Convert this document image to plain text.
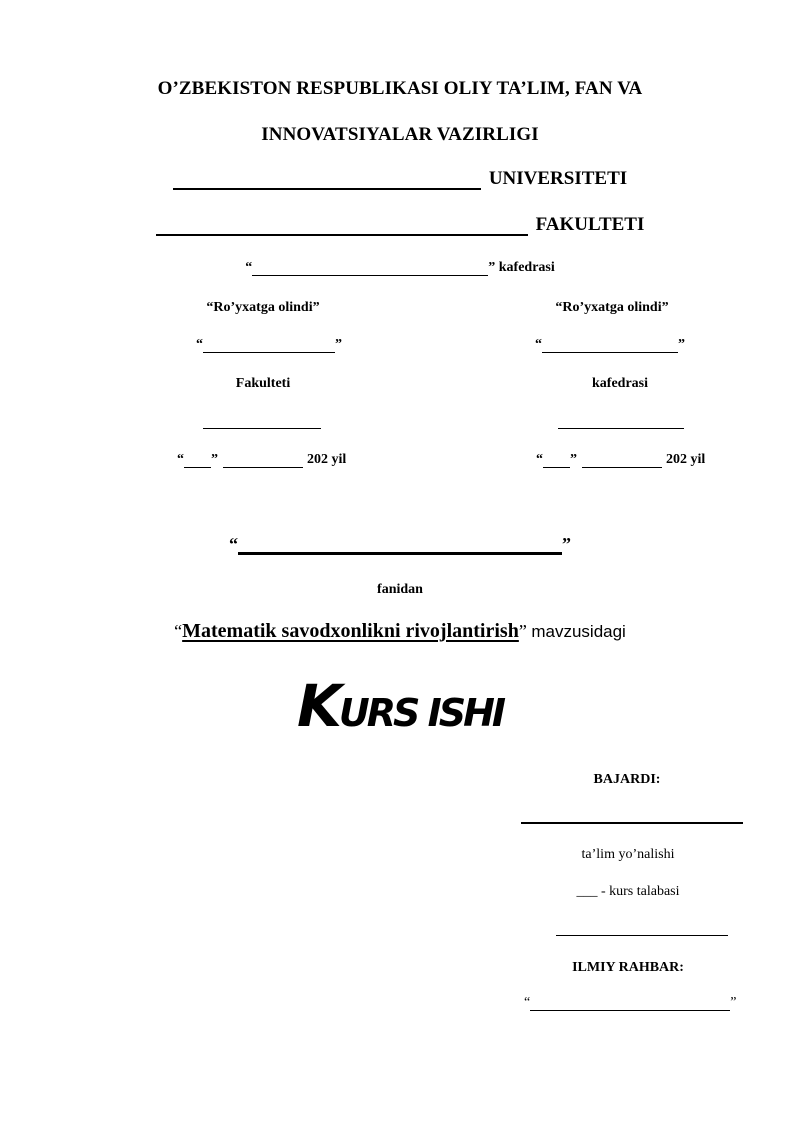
O’ZBEKISTON RESPUBLIKASI OLIY TA’LIM, FAN VA
INNOVATSIYALAR VAZIRLIGI
UNIVERSITETI
FAKULTETI
“	” kafedrasi
“Ro’yxatga olindi”
“	”
Fakulteti
“ ”	202 yil
“Ro’yxatga olindi”
“	”
kafedrasi
“ ”	202 yil
“	”
fanidan
“Matematik savodxonlikni rivojlantirish” mavzusidagi
KURS ISHI
BAJARDI:
ta’lim yo’nalishi
___ - kurs talabasi
ILMIY RAHBAR:
“	”
